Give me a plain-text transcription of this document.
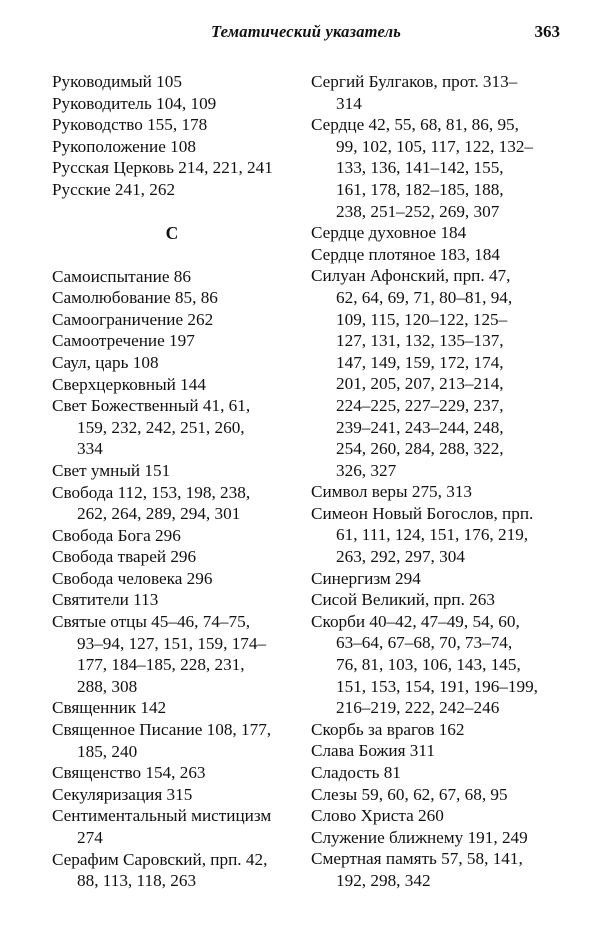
Тематический указатель	363
Руководимый 105
Руководитель 104, 109
Руководство 155, 178
Рукоположение 108
Русская Церковь 214, 221, 241
Русские 241, 262
С
Самоиспытание 86
Самолюбование 85, 86
Самоограничение 262
Самоотречение 197
Саул, царь 108
Сверхцерковный 144
Свет Божественный 41, 61,
159, 232, 242, 251, 260,
334
Свет умный 151
Свобода 112, 153, 198, 238,
262, 264, 289, 294, 301
Свобода Бога 296
Свобода тварей 296
Свобода человека 296
Святители 113
Святые отцы 45–46, 74–75,
93–94, 127, 151, 159, 174–
177, 184–185, 228, 231,
288, 308
Священник 142
Священное Писание 108, 177,
185, 240
Священство 154, 263
Секуляризация 315
Сентиментальный мистицизм
274
Серафим Саровский, прп. 42,
88, 113, 118, 263
Сергий Булгаков, прот. 313–
314
Сердце 42, 55, 68, 81, 86, 95,
99, 102, 105, 117, 122, 132–
133, 136, 141–142, 155,
161, 178, 182–185, 188,
238, 251–252, 269, 307
Сердце духовное 184
Сердце плотяное 183, 184
Силуан Афонский, прп. 47,
62, 64, 69, 71, 80–81, 94,
109, 115, 120–122, 125–
127, 131, 132, 135–137,
147, 149, 159, 172, 174,
201, 205, 207, 213–214,
224–225, 227–229, 237,
239–241, 243–244, 248,
254, 260, 284, 288, 322,
326, 327
Символ веры 275, 313
Симеон Новый Богослов, прп.
61, 111, 124, 151, 176, 219,
263, 292, 297, 304
Синергизм 294
Сисой Великий, прп. 263
Скорби 40–42, 47–49, 54, 60,
63–64, 67–68, 70, 73–74,
76, 81, 103, 106, 143, 145,
151, 153, 154, 191, 196–199,
216–219, 222, 242–246
Скорбь за врагов 162
Слава Божия 311
Сладость 81
Слезы 59, 60, 62, 67, 68, 95
Слово Христа 260
Служение ближнему 191, 249
Смертная память 57, 58, 141,
192, 298, 342
